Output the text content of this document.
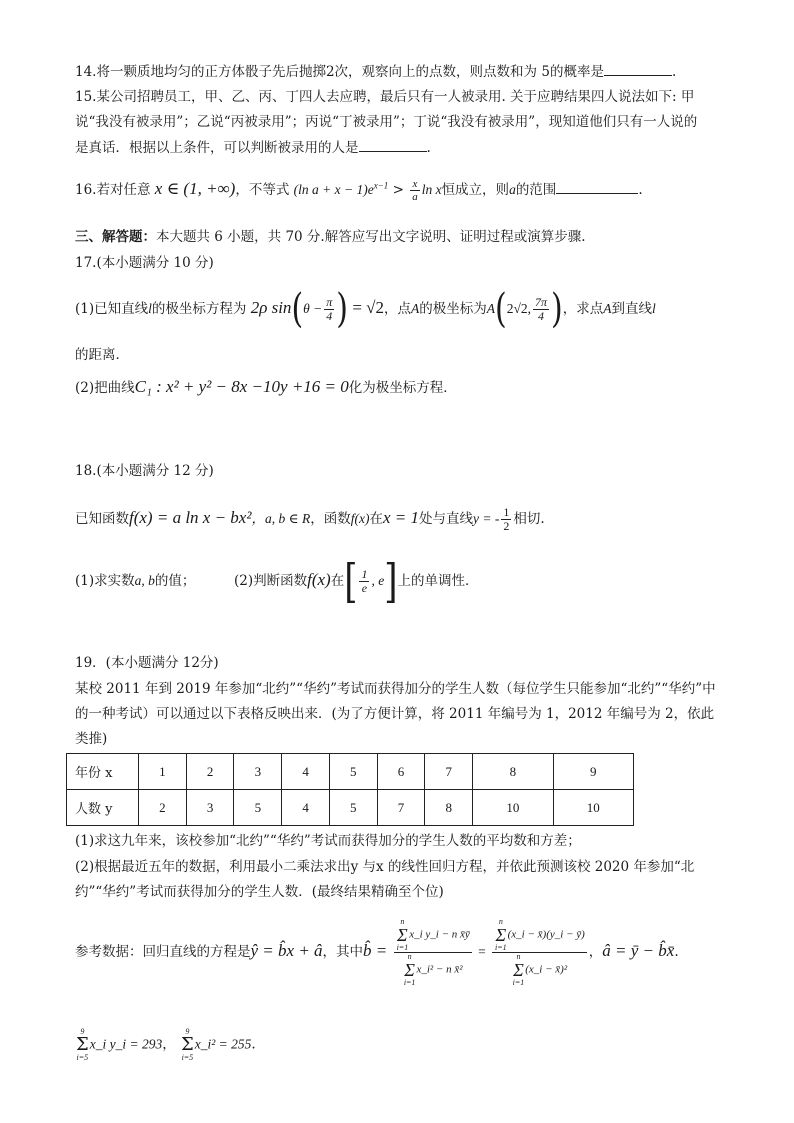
14.将一颗质地均匀的正方体骰子先后抛掷2次，观察向上的点数，则点数和为 5的概率是	.
15.某公司招聘员工，甲、乙、丙、丁四人去应聘，最后只有一人被录用. 关于应聘结果四人说法如下: 甲
说“我没有被录用”；乙说“丙被录用”；丙说“丁被录用”；丁说“我没有被录用”，现知道他们只有一人说的
是真话．根据以上条件，可以判断被录用的人是	.
16.若对任意 x ∈ (1, +∞)，不等式 (ln $a + x - 1)e^{x-1} > \frac{x}{a}$ ln x恒成立，则a的范围	.
三、解答题：本大题共 6 小题，共 70 分.解答应写出文字说明、证明过程或演算步骤.
17.(本小题满分 10 分)
(1)已知直线l的极坐标方程为 2ρ $\sin(\theta - \frac{\pi}{4}$ ) = √2，点A的极坐标为A(2√2, $\frac{7\pi}{4}$ )，求点A到直线l
的距离．
(2)把曲线C₁ : x² + y² − 8x −10y +16 = 0化为极坐标方程．
18.(本小题满分 12 分)
已知函数f(x) = a ln x − bx²，a, b ∈ R，函数f(x)在x = 1处与直线y = - $\frac{1}{2}$ 相切.
(1)求实数a, b的值；	(2)判断函数f(x)在[ $\frac{1}{e}$ , e]上的单调性．
19．(本小题满分 12分)
某校 2011 年到 2019 年参加“北约”“华约”考试而获得加分的学生人数（每位学生只能参加“北约”“华约”中
的一种考试）可以通过以下表格反映出来．(为了方便计算，将 2011 年编号为 1，2012 年编号为 2，依此
类推)
年份 x	1	2	3	4	5	6	7	8	9
人数 y	2	3	5	4	5	7	8	10	10
(1)求这九年来，该校参加“北约”“华约”考试而获得加分的学生人数的平均数和方差；
(2)根据最近五年的数据，利用最小二乘法求出y 与x 的线性回归方程，并依此预测该校 2020 年参加“北
约”“华约”考试而获得加分的学生人数．(最终结果精确至个位)
参考数据：回归直线的方程是ŷ = b̂x + â，其中b̂ = n
Σ
i=1
x_i y_i − n x̄ȳ
n
Σ
i=1
x_i² − n x̄² = n
Σ
i=1
(x_i − x̄)(y_i − ȳ)
n
Σ
i=1
(x_i − x̄)² ，â = ȳ − b̂x̄.
9
Σ
i=5
x_i y_i = 293，
9
Σ
i=5
x_i² = 255.
